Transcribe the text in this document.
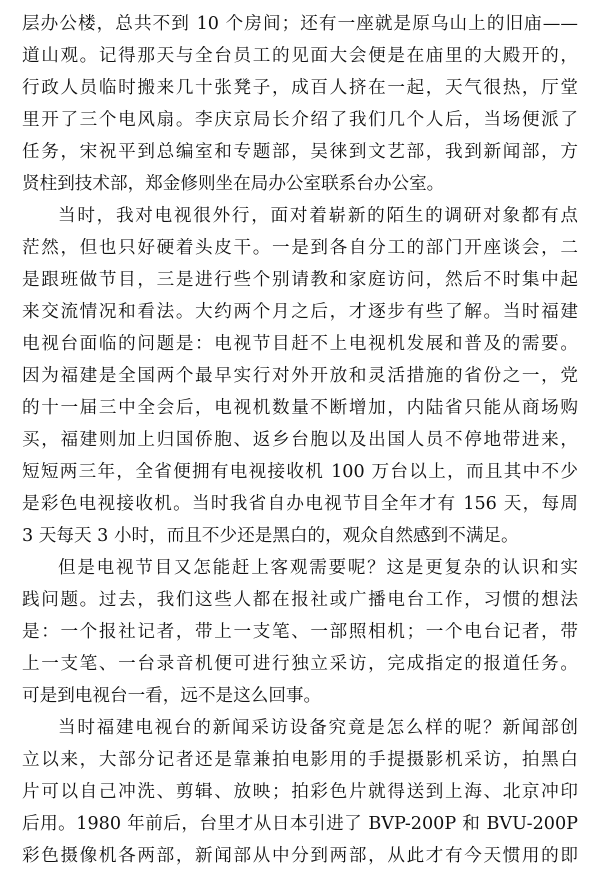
层办公楼，总共不到 10 个房间；还有一座就是原乌山上的旧庙——
道山观。记得那天与全台员工的见面大会便是在庙里的大殿开的，
行政人员临时搬来几十张凳子，成百人挤在一起，天气很热，厅堂
里开了三个电风扇。李庆京局长介绍了我们几个人后，当场便派了
任务，宋祝平到总编室和专题部，吴徕到文艺部，我到新闻部，方
贤柱到技术部，郑金修则坐在局办公室联系台办公室。
当时，我对电视很外行，面对着崭新的陌生的调研对象都有点
茫然，但也只好硬着头皮干。一是到各自分工的部门开座谈会，二
是跟班做节目，三是进行些个别请教和家庭访问，然后不时集中起
来交流情况和看法。大约两个月之后，才逐步有些了解。当时福建
电视台面临的问题是：电视节目赶不上电视机发展和普及的需要。
因为福建是全国两个最早实行对外开放和灵活措施的省份之一，党
的十一届三中全会后，电视机数量不断增加，内陆省只能从商场购
买，福建则加上归国侨胞、返乡台胞以及出国人员不停地带进来，
短短两三年，全省便拥有电视接收机 100 万台以上，而且其中不少
是彩色电视接收机。当时我省自办电视节目全年才有 156 天，每周
3 天每天 3 小时，而且不少还是黑白的，观众自然感到不满足。
但是电视节目又怎能赶上客观需要呢？这是更复杂的认识和实
践问题。过去，我们这些人都在报社或广播电台工作，习惯的想法
是：一个报社记者，带上一支笔、一部照相机；一个电台记者，带
上一支笔、一台录音机便可进行独立采访，完成指定的报道任务。
可是到电视台一看，远不是这么回事。
当时福建电视台的新闻采访设备究竟是怎么样的呢？新闻部创
立以来，大部分记者还是靠兼拍电影用的手提摄影机采访，拍黑白
片可以自己冲洗、剪辑、放映；拍彩色片就得送到上海、北京冲印
后用。1980 年前后，台里才从日本引进了 BVP-200P 和 BVU-200P
彩色摄像机各两部，新闻部从中分到两部，从此才有今天惯用的即
